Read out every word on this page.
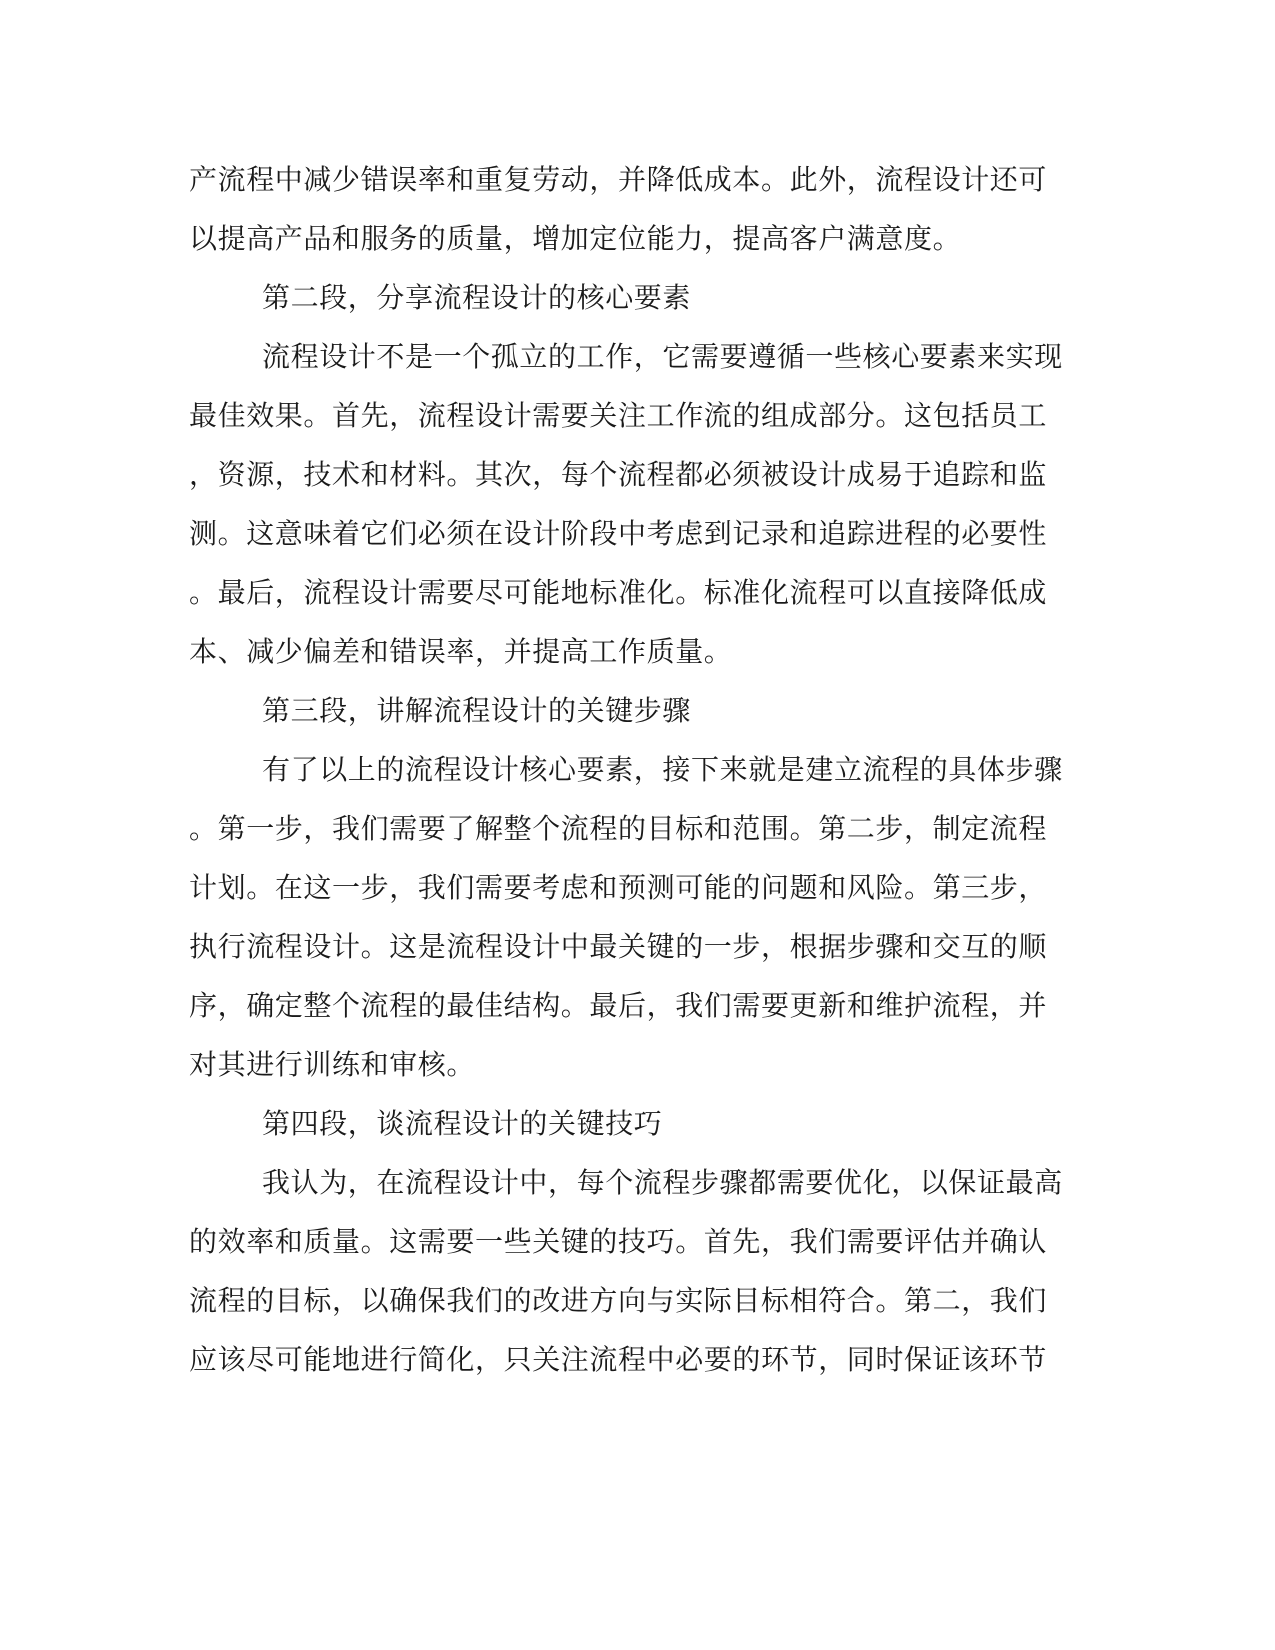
产流程中减少错误率和重复劳动，并降低成本。此外，流程设计还可
以提高产品和服务的质量，增加定位能力，提高客户满意度。
第二段，分享流程设计的核心要素
流程设计不是一个孤立的工作，它需要遵循一些核心要素来实现
最佳效果。首先，流程设计需要关注工作流的组成部分。这包括员工
，资源，技术和材料。其次，每个流程都必须被设计成易于追踪和监
测。这意味着它们必须在设计阶段中考虑到记录和追踪进程的必要性
。最后，流程设计需要尽可能地标准化。标准化流程可以直接降低成
本、减少偏差和错误率，并提高工作质量。
第三段，讲解流程设计的关键步骤
有了以上的流程设计核心要素，接下来就是建立流程的具体步骤
。第一步，我们需要了解整个流程的目标和范围。第二步，制定流程
计划。在这一步，我们需要考虑和预测可能的问题和风险。第三步，
执行流程设计。这是流程设计中最关键的一步，根据步骤和交互的顺
序，确定整个流程的最佳结构。最后，我们需要更新和维护流程，并
对其进行训练和审核。
第四段，谈流程设计的关键技巧
我认为，在流程设计中，每个流程步骤都需要优化，以保证最高
的效率和质量。这需要一些关键的技巧。首先，我们需要评估并确认
流程的目标，以确保我们的改进方向与实际目标相符合。第二，我们
应该尽可能地进行简化，只关注流程中必要的环节，同时保证该环节
